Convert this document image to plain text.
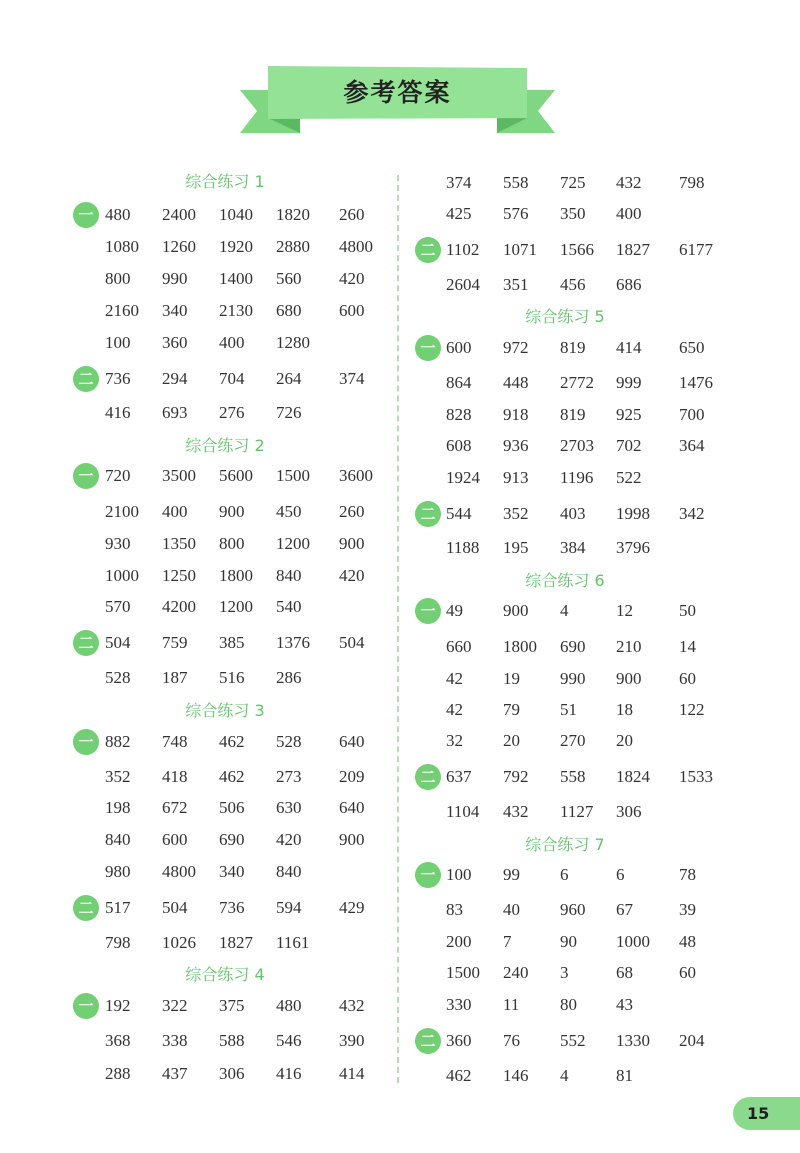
参考答案
15
综合练习 1
一 480 2400 1040 1820 260
1080 1260 1920 2880 4800
800 990 1400 560 420
2160 340 2130 680 600
100 360 400 1280
二 736 294 704 264 374
416 693 276 726
综合练习 2
一 720 3500 5600 1500 3600
2100 400 900 450 260
930 1350 800 1200 900
1000 1250 1800 840 420
570 4200 1200 540
二 504 759 385 1376 504
528 187 516 286
综合练习 3
一 882 748 462 528 640
352 418 462 273 209
198 672 506 630 640
840 600 690 420 900
980 4800 340 840
二 517 504 736 594 429
798 1026 1827 1161
综合练习 4
一 192 322 375 480 432
368 338 588 546 390
288 437 306 416 414
374 558 725 432 798
425 576 350 400
二 1102 1071 1566 1827 6177
2604 351 456 686
综合练习 5
一 600 972 819 414 650
864 448 2772 999 1476
828 918 819 925 700
608 936 2703 702 364
1924 913 1196 522
二 544 352 403 1998 342
1188 195 384 3796
综合练习 6
一 49 900 4	12	50
660 1800 690 210 14
42 19 990 900 60
42 79 51 18	122
32 20 270 20
二 637 792 558 1824 1533
1104 432 1127 306
综合练习 7
一 100 99 6	6	78
83 40 960 67	39
200 7	90 1000 48
1500 240 3	68	60
330 11 80 43
二 360 76 552 1330 204
462 146 4	81
